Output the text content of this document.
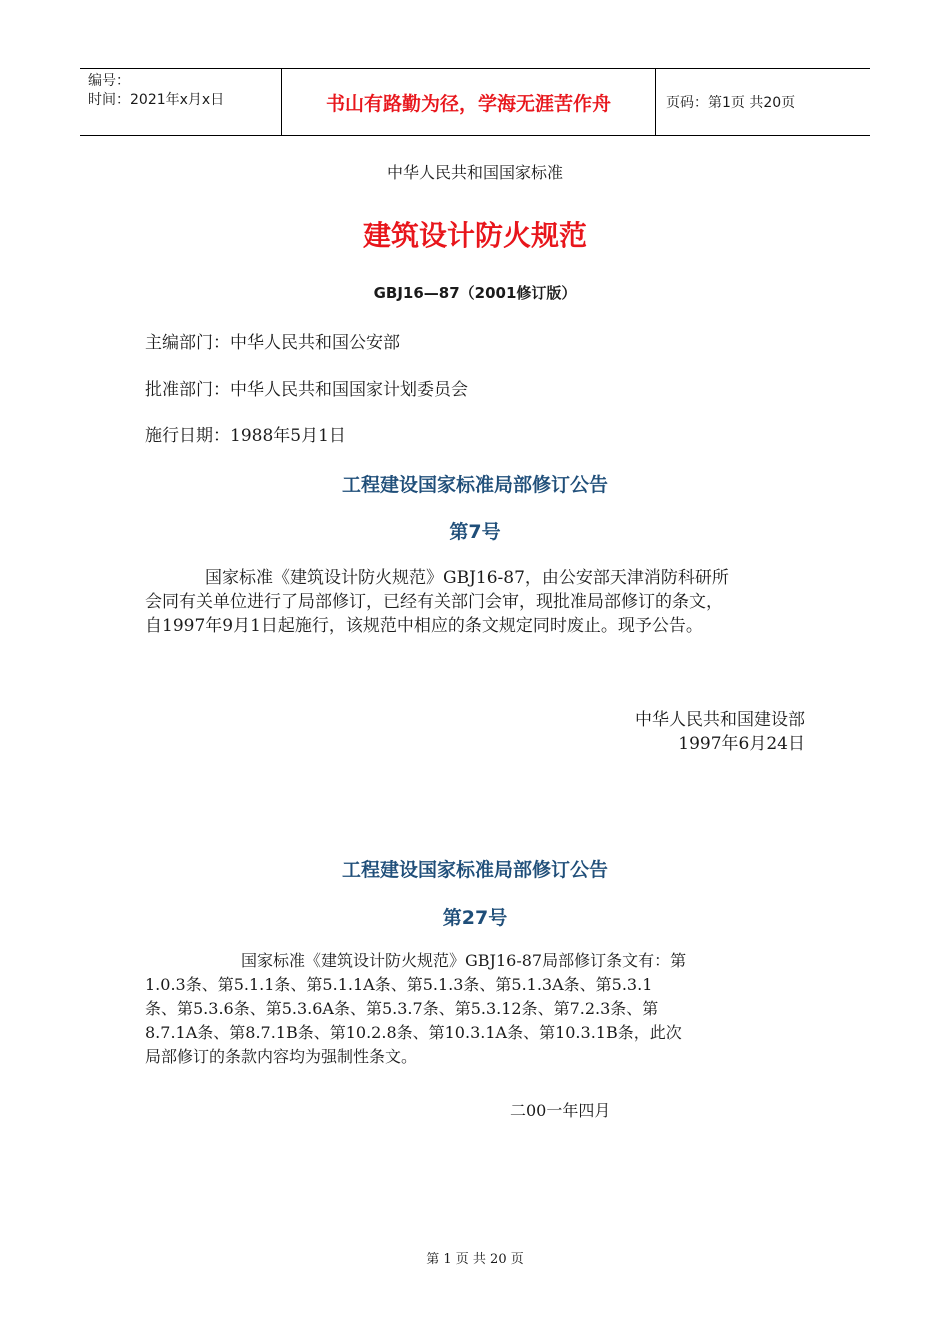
编号：
时间：2021年x月x日	书山有路勤为径，学海无涯苦作舟	页码：第1页 共20页
中华人民共和国国家标准
建筑设计防火规范
GBJ16—87（2001修订版）
主编部门：中华人民共和国公安部
批准部门：中华人民共和国国家计划委员会
施行日期：1988年5月1日
工程建设国家标准局部修订公告
第7号
国家标准《建筑设计防火规范》GBJ16-87，由公安部天津消防科研所
会同有关单位进行了局部修订，已经有关部门会审，现批准局部修订的条文，
自1997年9月1日起施行，该规范中相应的条文规定同时废止。现予公告。
中华人民共和国建设部
1997年6月24日
工程建设国家标准局部修订公告
第27号
国家标准《建筑设计防火规范》GBJ16-87局部修订条文有：第
1.0.3条、第5.1.1条、第5.1.1A条、第5.1.3条、第5.1.3A条、第5.3.1
条、第5.3.6条、第5.3.6A条、第5.3.7条、第5.3.12条、第7.2.3条、第
8.7.1A条、第8.7.1B条、第10.2.8条、第10.3.1A条、第10.3.1B条，此次
局部修订的条款内容均为强制性条文。
二00一年四月
第 1 页 共 20 页
